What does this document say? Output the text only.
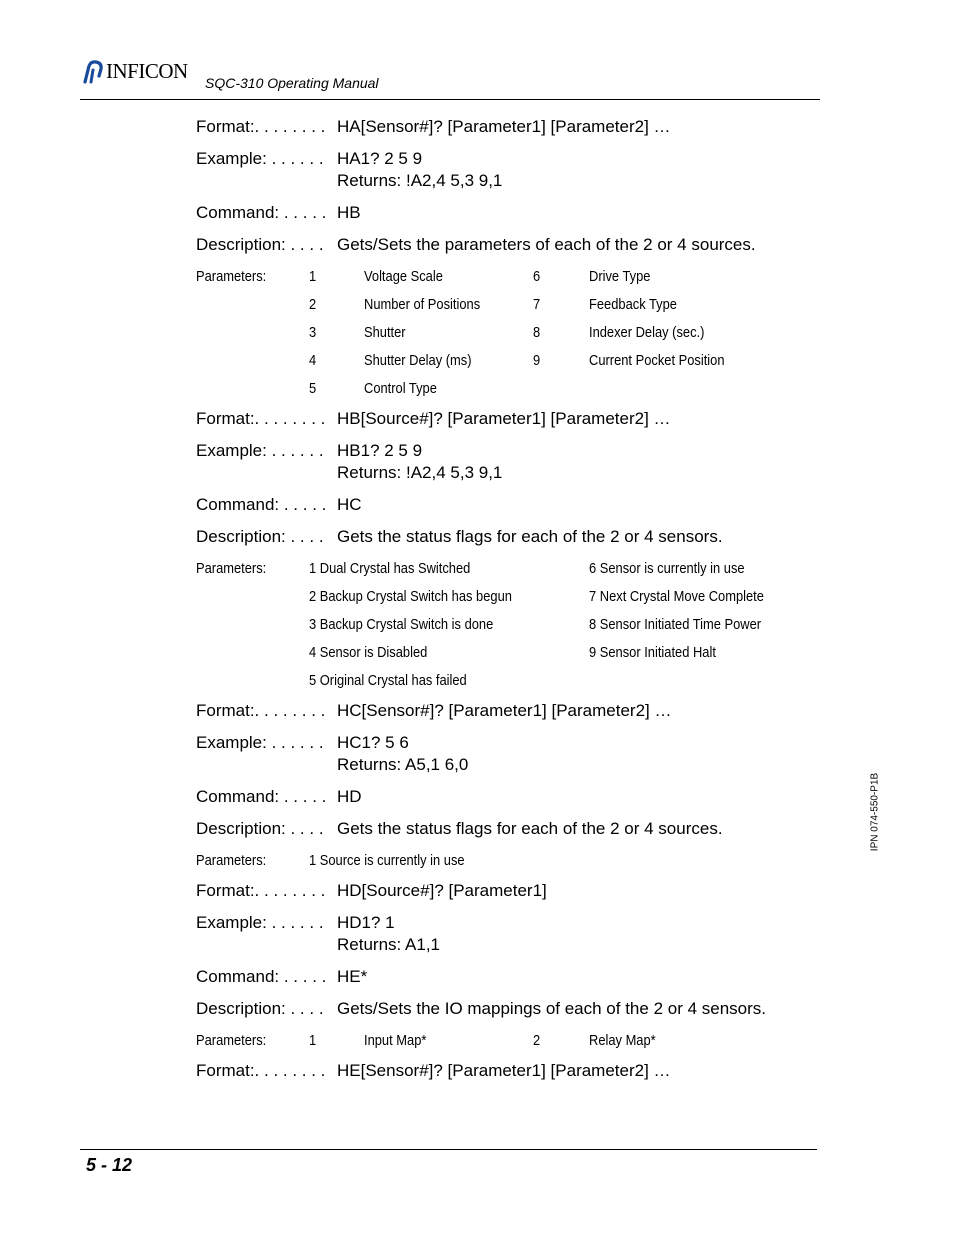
INFICON SQC-310 Operating Manual
Format:. . . . . . . . HA[Sensor#]? [Parameter1] [Parameter2] …
Example: . . . . . . HA1? 2 5 9
Returns: !A2,4 5,3 9,1
Command: . . . . . HB
Description: . . . . Gets/Sets the parameters of each of the 2 or 4 sources.
Parameters:	1	Voltage Scale	6	Drive Type
2	Number of Positions	7	Feedback Type
3	Shutter	8	Indexer Delay (sec.)
4	Shutter Delay (ms)	9	Current Pocket Position
5	Control Type
Format:. . . . . . . . HB[Source#]? [Parameter1] [Parameter2] …
Example: . . . . . . HB1? 2 5 9
Returns: !A2,4 5,3 9,1
Command: . . . . . HC
Description: . . . . Gets the status flags for each of the 2 or 4 sensors.
Parameters:	1 Dual Crystal has Switched	6 Sensor is currently in use
2 Backup Crystal Switch has begun	7 Next Crystal Move Complete
3 Backup Crystal Switch is done	8 Sensor Initiated Time Power
4 Sensor is Disabled	9 Sensor Initiated Halt
5 Original Crystal has failed
Format:. . . . . . . . HC[Sensor#]? [Parameter1] [Parameter2] …
Example: . . . . . . HC1? 5 6
Returns: A5,1 6,0
Command: . . . . . HD
Description: . . . . Gets the status flags for each of the 2 or 4 sources.
Parameters:	1 Source is currently in use
Format:. . . . . . . . HD[Source#]? [Parameter1]
Example: . . . . . . HD1? 1
Returns: A1,1
Command: . . . . . HE*
Description: . . . . Gets/Sets the IO mappings of each of the 2 or 4 sensors.
Parameters:	1	Input Map*	2	Relay Map*
Format:. . . . . . . . HE[Sensor#]? [Parameter1] [Parameter2] …
IPN 074-550-P1B
5 - 12
